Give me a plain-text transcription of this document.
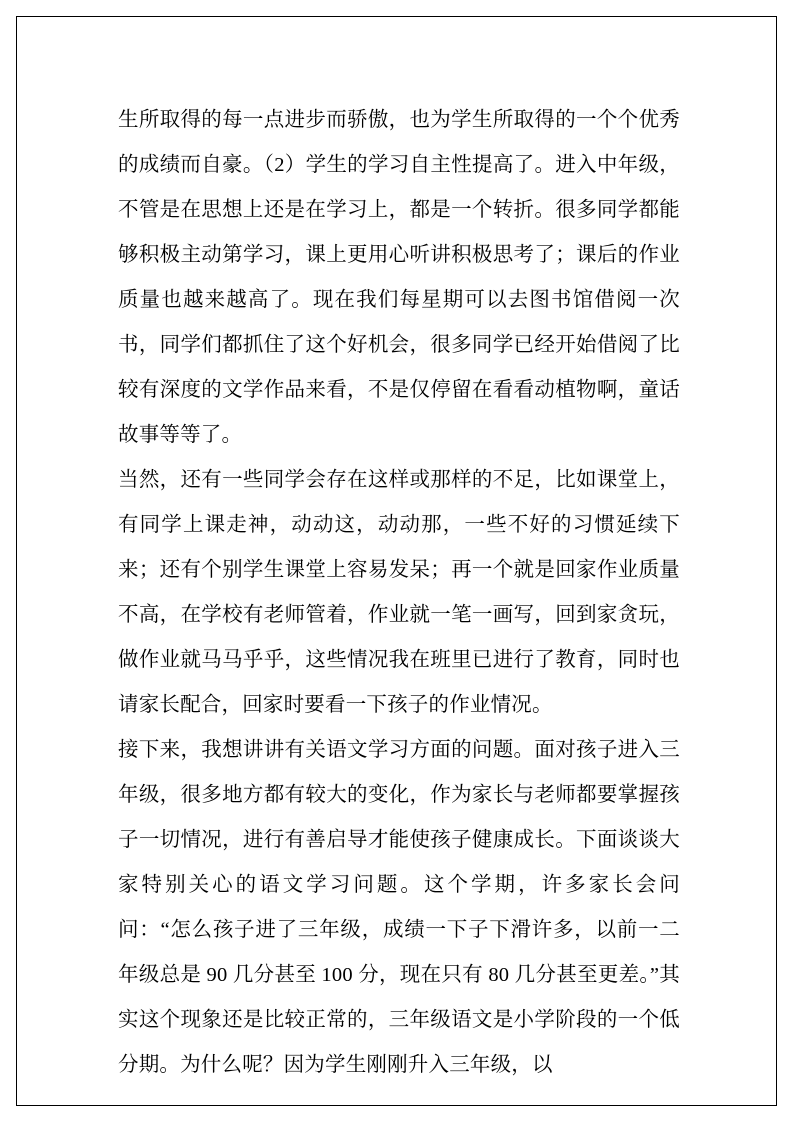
生所取得的每一点进步而骄傲，也为学生所取得的一个个优秀的成绩而自豪。（2）学生的学习自主性提高了。进入中年级，不管是在思想上还是在学习上，都是一个转折。很多同学都能够积极主动第学习，课上更用心听讲积极思考了；课后的作业质量也越来越高了。现在我们每星期可以去图书馆借阅一次书，同学们都抓住了这个好机会，很多同学已经开始借阅了比较有深度的文学作品来看，不是仅停留在看看动植物啊，童话故事等等了。

当然，还有一些同学会存在这样或那样的不足，比如课堂上，有同学上课走神，动动这，动动那，一些不好的习惯延续下来；还有个别学生课堂上容易发呆；再一个就是回家作业质量不高，在学校有老师管着，作业就一笔一画写，回到家贪玩，做作业就马马乎乎，这些情况我在班里已进行了教育，同时也请家长配合，回家时要看一下孩子的作业情况。

接下来，我想讲讲有关语文学习方面的问题。面对孩子进入三年级，很多地方都有较大的变化，作为家长与老师都要掌握孩子一切情况，进行有善启导才能使孩子健康成长。下面谈谈大家特别关心的语文学习问题。这个学期，许多家长会问问：“怎么孩子进了三年级，成绩一下子下滑许多，以前一二年级总是 90 几分甚至 100 分，现在只有 80 几分甚至更差。”其实这个现象还是比较正常的，三年级语文是小学阶段的一个低分期。为什么呢？因为学生刚刚升入三年级，以
